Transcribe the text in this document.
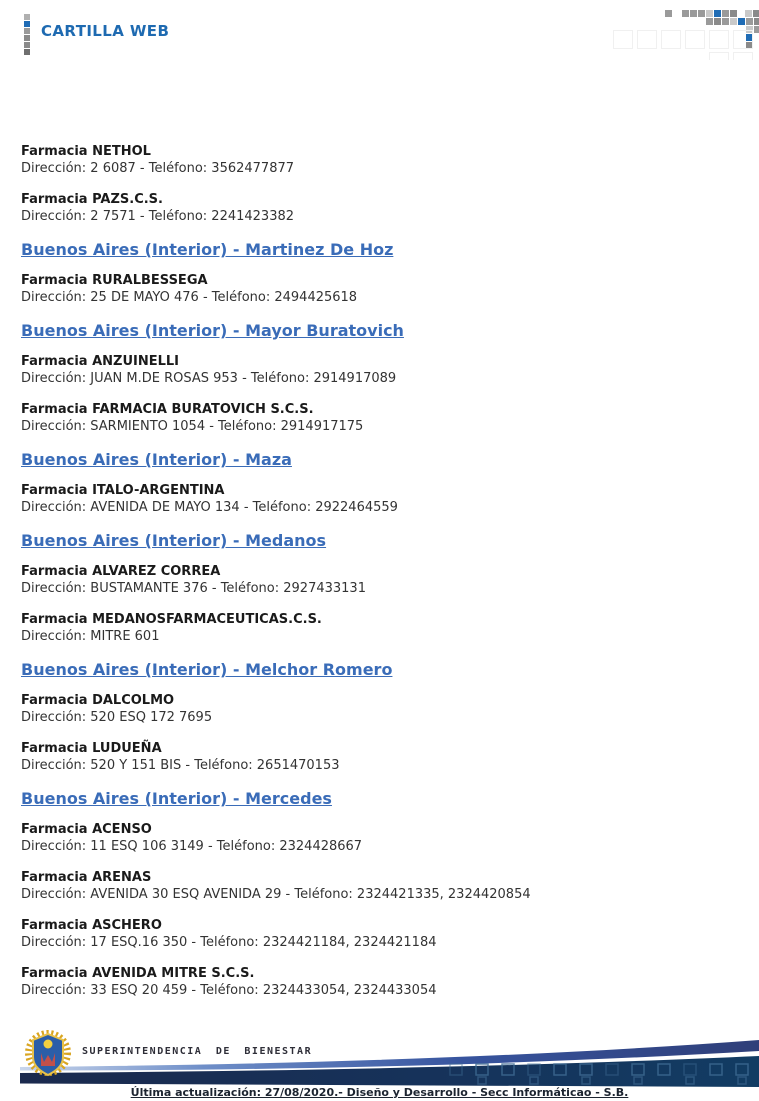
CARTILLA WEB
Farmacia NETHOL
Dirección: 2 6087 - Teléfono: 3562477877
Farmacia PAZS.C.S.
Dirección: 2 7571 - Teléfono: 2241423382
Buenos Aires (Interior) - Martinez De Hoz
Farmacia RURALBESSEGA
Dirección: 25 DE MAYO 476 - Teléfono: 2494425618
Buenos Aires (Interior) - Mayor Buratovich
Farmacia ANZUINELLI
Dirección: JUAN M.DE ROSAS 953 - Teléfono: 2914917089
Farmacia FARMACIA BURATOVICH S.C.S.
Dirección: SARMIENTO 1054 - Teléfono: 2914917175
Buenos Aires (Interior) - Maza
Farmacia ITALO-ARGENTINA
Dirección: AVENIDA DE MAYO 134 - Teléfono: 2922464559
Buenos Aires (Interior) - Medanos
Farmacia ALVAREZ CORREA
Dirección: BUSTAMANTE 376 - Teléfono: 2927433131
Farmacia MEDANOSFARMACEUTICAS.C.S.
Dirección: MITRE 601
Buenos Aires (Interior) - Melchor Romero
Farmacia DALCOLMO
Dirección: 520 ESQ 172 7695
Farmacia LUDUEÑA
Dirección: 520 Y 151 BIS - Teléfono: 2651470153
Buenos Aires (Interior) - Mercedes
Farmacia ACENSO
Dirección: 11 ESQ 106 3149 - Teléfono: 2324428667
Farmacia ARENAS
Dirección: AVENIDA 30 ESQ AVENIDA 29 - Teléfono: 2324421335, 2324420854
Farmacia ASCHERO
Dirección: 17 ESQ.16 350 - Teléfono: 2324421184, 2324421184
Farmacia AVENIDA MITRE S.C.S.
Dirección: 33 ESQ 20 459 - Teléfono: 2324433054, 2324433054
SUPERINTENDENCIA DE BIENESTAR
Última actualización: 27/08/2020.- Diseño y Desarrollo - Secc Informáticao - S.B.
